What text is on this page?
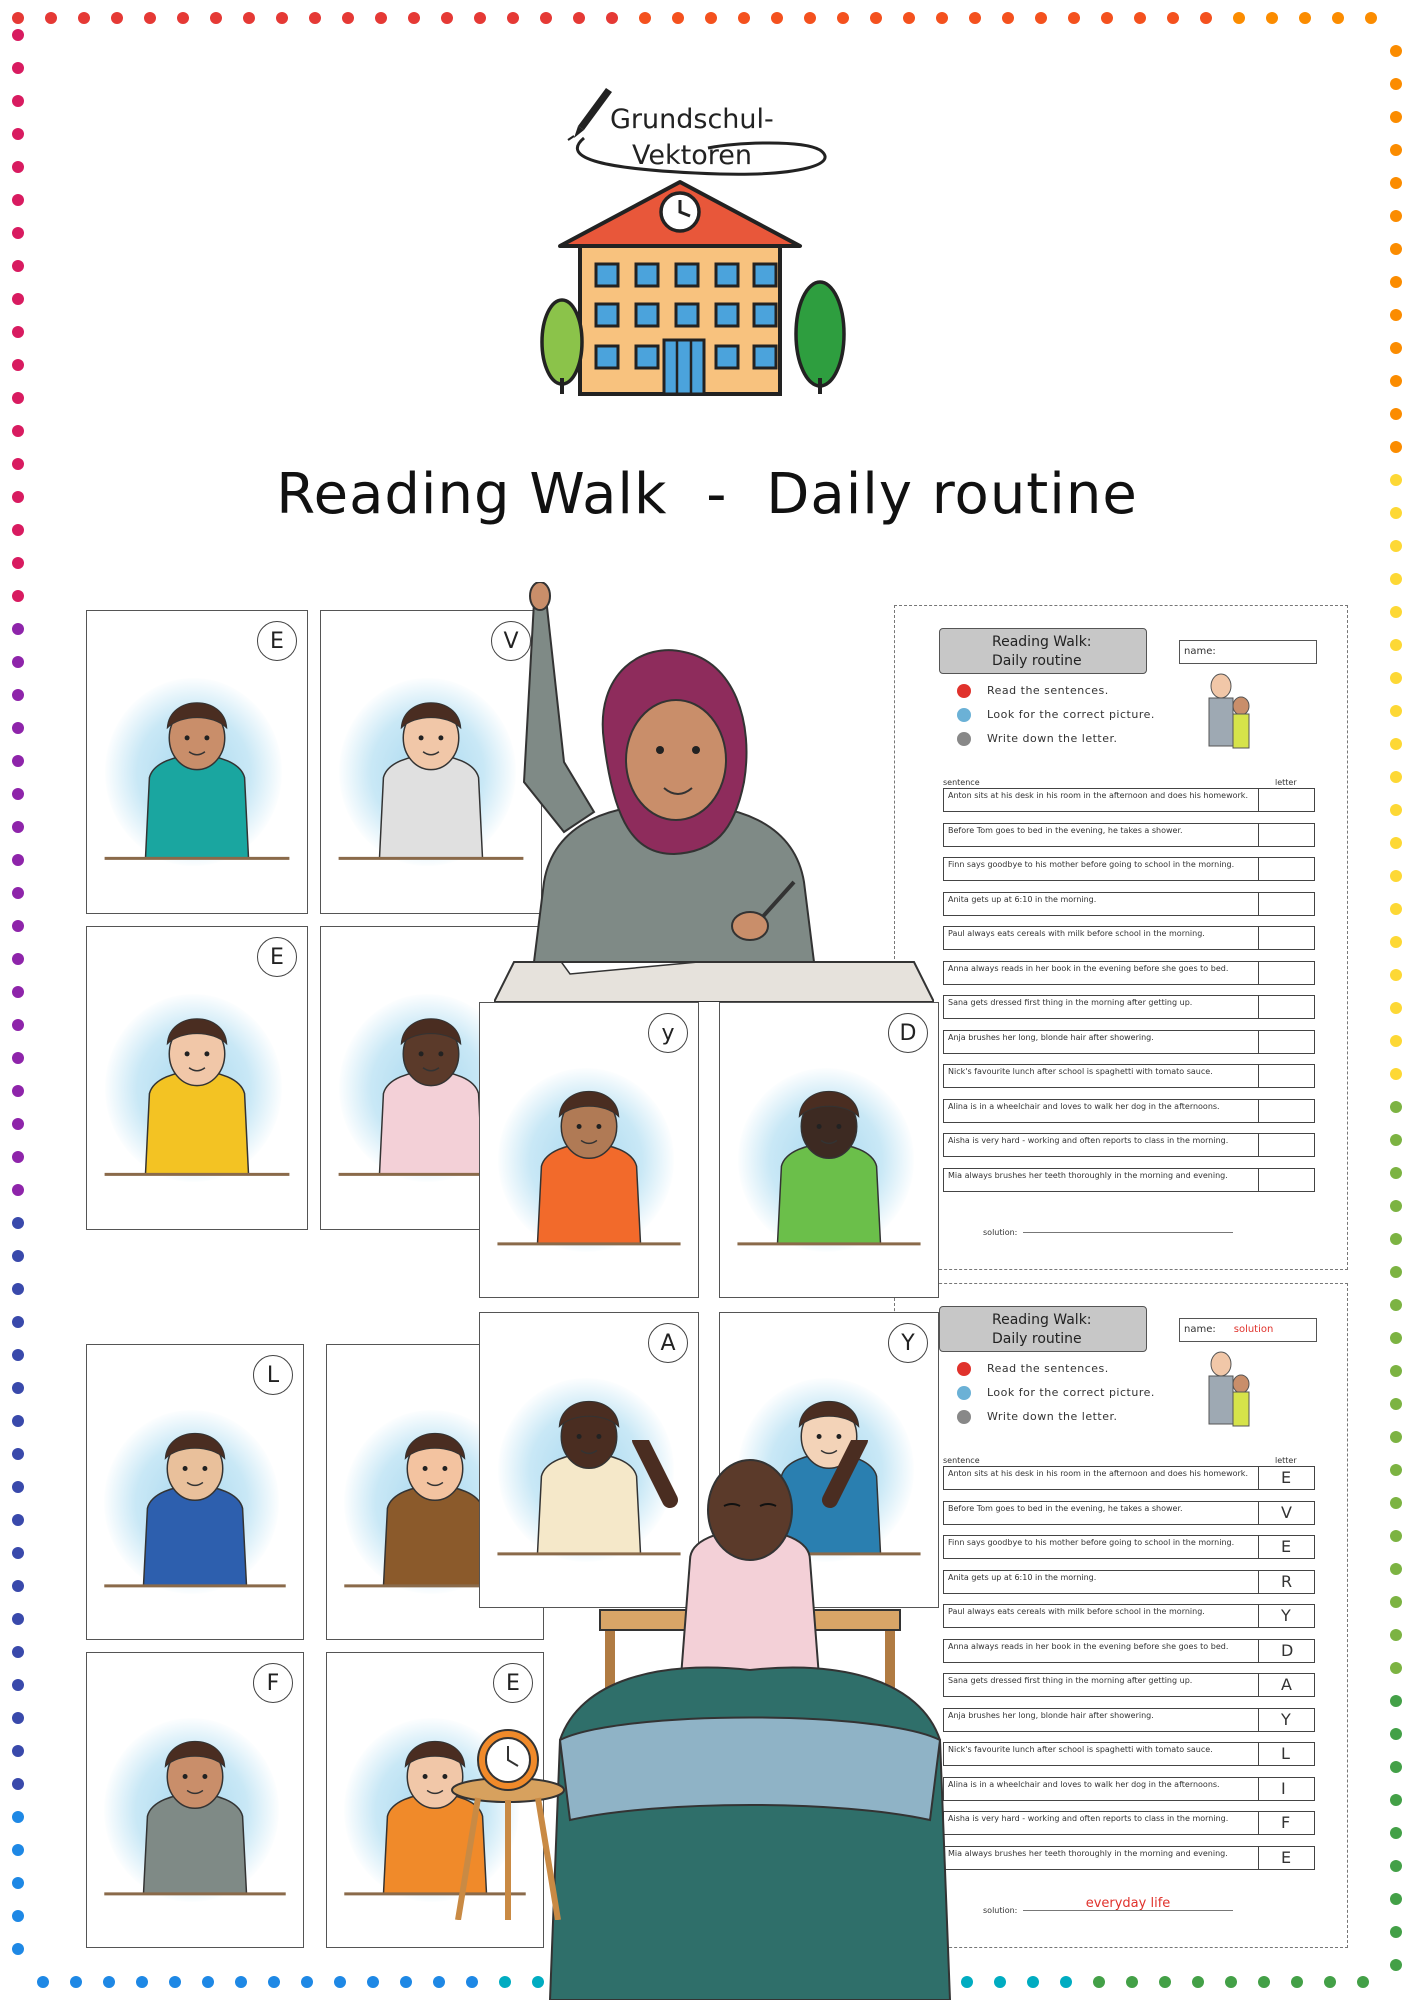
Grundschul-
Vektoren
Reading Walk - Daily routine
Reading Walk:
Daily routine
name:
Read the sentences.
Look for the correct picture.
Write down the letter.
sentence	letter
Anton sits at his desk in his room in the afternoon and does his homework.
Before Tom goes to bed in the evening, he takes a shower.
Finn says goodbye to his mother before going to school in the morning.
Anita gets up at 6:10 in the morning.
Paul always eats cereals with milk before school in the morning.
Anna always reads in her book in the evening before she goes to bed.
Sana gets dressed first thing in the morning after getting up.
Anja brushes her long, blonde hair after showering.
Nick's favourite lunch after school is spaghetti with tomato sauce.
Alina is in a wheelchair and loves to walk her dog in the afternoons.
Aisha is very hard - working and often reports to class in the morning.
Mia always brushes her teeth thoroughly in the morning and evening.
solution:
Reading Walk:
Daily routine
name: solution
Read the sentences.
Look for the correct picture.
Write down the letter.
sentence	letter
Anton sits at his desk in his room in the afternoon and does his homework.	E
Before Tom goes to bed in the evening, he takes a shower.	V
Finn says goodbye to his mother before going to school in the morning.	E
Anita gets up at 6:10 in the morning.	R
Paul always eats cereals with milk before school in the morning.	Y
Anna always reads in her book in the evening before she goes to bed.	D
Sana gets dressed first thing in the morning after getting up.	A
Anja brushes her long, blonde hair after showering.	Y
Nick's favourite lunch after school is spaghetti with tomato sauce.	L
Alina is in a wheelchair and loves to walk her dog in the afternoons.	I
Aisha is very hard - working and often reports to class in the morning.	F
Mia always brushes her teeth thoroughly in the morning and evening.	E
solution:	everyday life
E	V
E
y	D
L
A	Y
F	E
